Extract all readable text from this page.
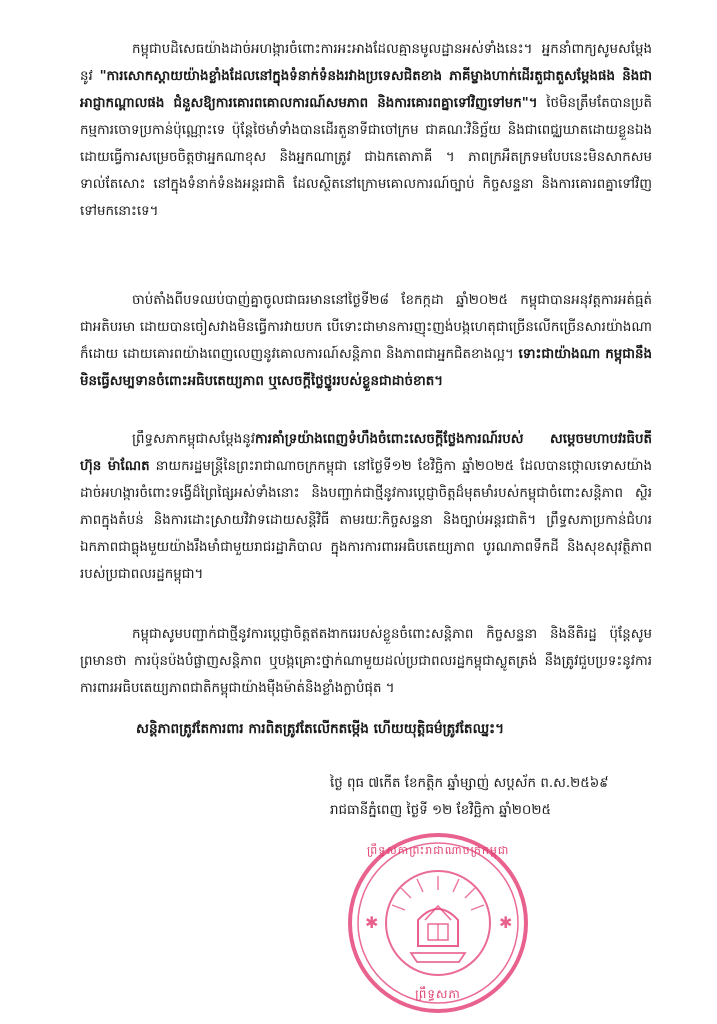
កម្ពុជាបដិសេធយ៉ាងដាច់អហង្ការចំពោះការអះអាងដែលគ្មានមូលដ្ឋានអស់ទាំងនេះ។ អ្នកនាំពាក្យសូមសម្តែងនូវ "ការសោកស្តាយយ៉ាងខ្លាំងដែលនៅក្នុងទំនាក់ទំនងរវាងប្រទេសជិតខាង ភាគីម្ខាងហាក់ដើរតួជាតួសម្តែងផង និងជាអាជ្ញាកណ្តាលផង ជំនួសឱ្យការគោរពគោលការណ៍សមភាព និងការគោរពគ្នាទៅវិញទៅមក"។ ថៃមិនត្រឹមតែបានប្រតិកម្មការចោទប្រកាន់ប៉ុណ្ណោះទេ ប៉ុន្តែថៃមាំទាំងបានដើរតួនាទីជាចៅក្រម ជាគណៈវិនិច្ឆ័យ និងជាពេជ្ឈឃាតដោយខ្លួនឯង ដោយធ្វើការសម្រេចចិត្តថាអ្នកណាខុស និងអ្នកណាត្រូវ ជាឯកតោភាគី ។ ភាពក្រអឺតក្រទមបែបនេះមិនសាកសមទាល់តែសោះ នៅក្នុងទំនាក់ទំនងអន្តរជាតិ ដែលស្ថិតនៅក្រោមគោលការណ៍ច្បាប់ កិច្ចសន្ទនា និងការគោរពគ្នាទៅវិញទៅមកនោះទេ។
ចាប់តាំងពីបទឈប់បាញ់គ្នាចូលជាធរមាននៅថ្ងៃទី២៨ ខែកក្កដា ឆ្នាំ២០២៥ កម្ពុជាបានអនុវត្តការអត់ធ្មត់ជាអតិបរមា ដោយបានចៀសវាងមិនធ្វើការវាយបក បើទោះជាមានការញុះញង់បង្កហេតុជាច្រើនលើកច្រើនសារយ៉ាងណាក៏ដោយ ដោយគោរពយ៉ាងពេញលេញនូវគោលការណ៍សន្តិភាព និងភាពជាអ្នកជិតខាងល្អ។ ទោះជាយ៉ាងណា កម្ពុជានឹងមិនធ្វើសម្បទានចំពោះអធិបតេយ្យភាព ឬសេចក្តីថ្លៃថ្នូររបស់ខ្លួនជាដាច់ខាត។
ព្រឹទ្ធសភាកម្ពុជាសម្តែងនូវការគាំទ្រយ៉ាងពេញទំហឹងចំពោះសេចក្តីថ្លែងការណ៍របស់ សម្តេចមហាបវរធិបតី ហ៊ុន ម៉ាណែត នាយករដ្ឋមន្ត្រីនៃព្រះរាជាណាចក្រកម្ពុជា នៅថ្ងៃទី១២ ខែវិច្ឆិកា ឆ្នាំ២០២៥ ដែលបានថ្កោលទោសយ៉ាងដាច់អហង្ការចំពោះទង្វើដ៏ព្រៃផ្សៃអស់ទាំងនោះ និងបញ្ជាក់ជាថ្មីនូវការប្តេជ្ញាចិត្តដ៏មុតមាំរបស់កម្ពុជាចំពោះសន្តិភាព ស្ថិរភាពក្នុងតំបន់ និងការដោះស្រាយវិវាទដោយសន្តិវិធី តាមរយៈកិច្ចសន្ទនា និងច្បាប់អន្តរជាតិ។ ព្រឹទ្ធសភាប្រកាន់ជំហរឯកភាពជាធ្លុងមួយយ៉ាងរឹងមាំជាមួយរាជរដ្ឋាភិបាល ក្នុងការការពារអធិបតេយ្យភាព បូរណភាពទឹកដី និងសុខសុវត្ថិភាពរបស់ប្រជាពលរដ្ឋកម្ពុជា។
កម្ពុជាសូមបញ្ជាក់ជាថ្មីនូវការប្តេជ្ញាចិត្តឥតងាករេរបស់ខ្លួនចំពោះសន្តិភាព កិច្ចសន្ទនា និងនីតិរដ្ឋ ប៉ុន្តែសូមព្រមានថា ការប៉ុនប៉ងបំផ្លាញសន្តិភាព ឬបង្កគ្រោះថ្នាក់ណាមួយដល់ប្រជាពលរដ្ឋកម្ពុជាស្លូតត្រង់ នឹងត្រូវជួបប្រទះនូវការការពារអធិបតេយ្យភាពជាតិកម្ពុជាយ៉ាងម៉ឺងម៉ាត់និងខ្លាំងក្លាបំផុត ។
សន្តិភាពត្រូវតែការពារ ការពិតត្រូវតែលើកតម្កើង ហើយយុត្តិធម៌ត្រូវតែឈ្នះ។
ថ្ងៃ ពុធ ៧កើត ខែកត្តិក ឆ្នាំម្សាញ់ សប្តស័ក ព.ស.២៥៦៩
រាជធានីភ្នំពេញ ថ្ងៃទី ១២ ខែវិច្ឆិកា ឆ្នាំ២០២៥
✱	✱
ព្រឹទ្ធសភាព្រះរាជាណាចក្រកម្ពុជា
ព្រឹទ្ធសភា
